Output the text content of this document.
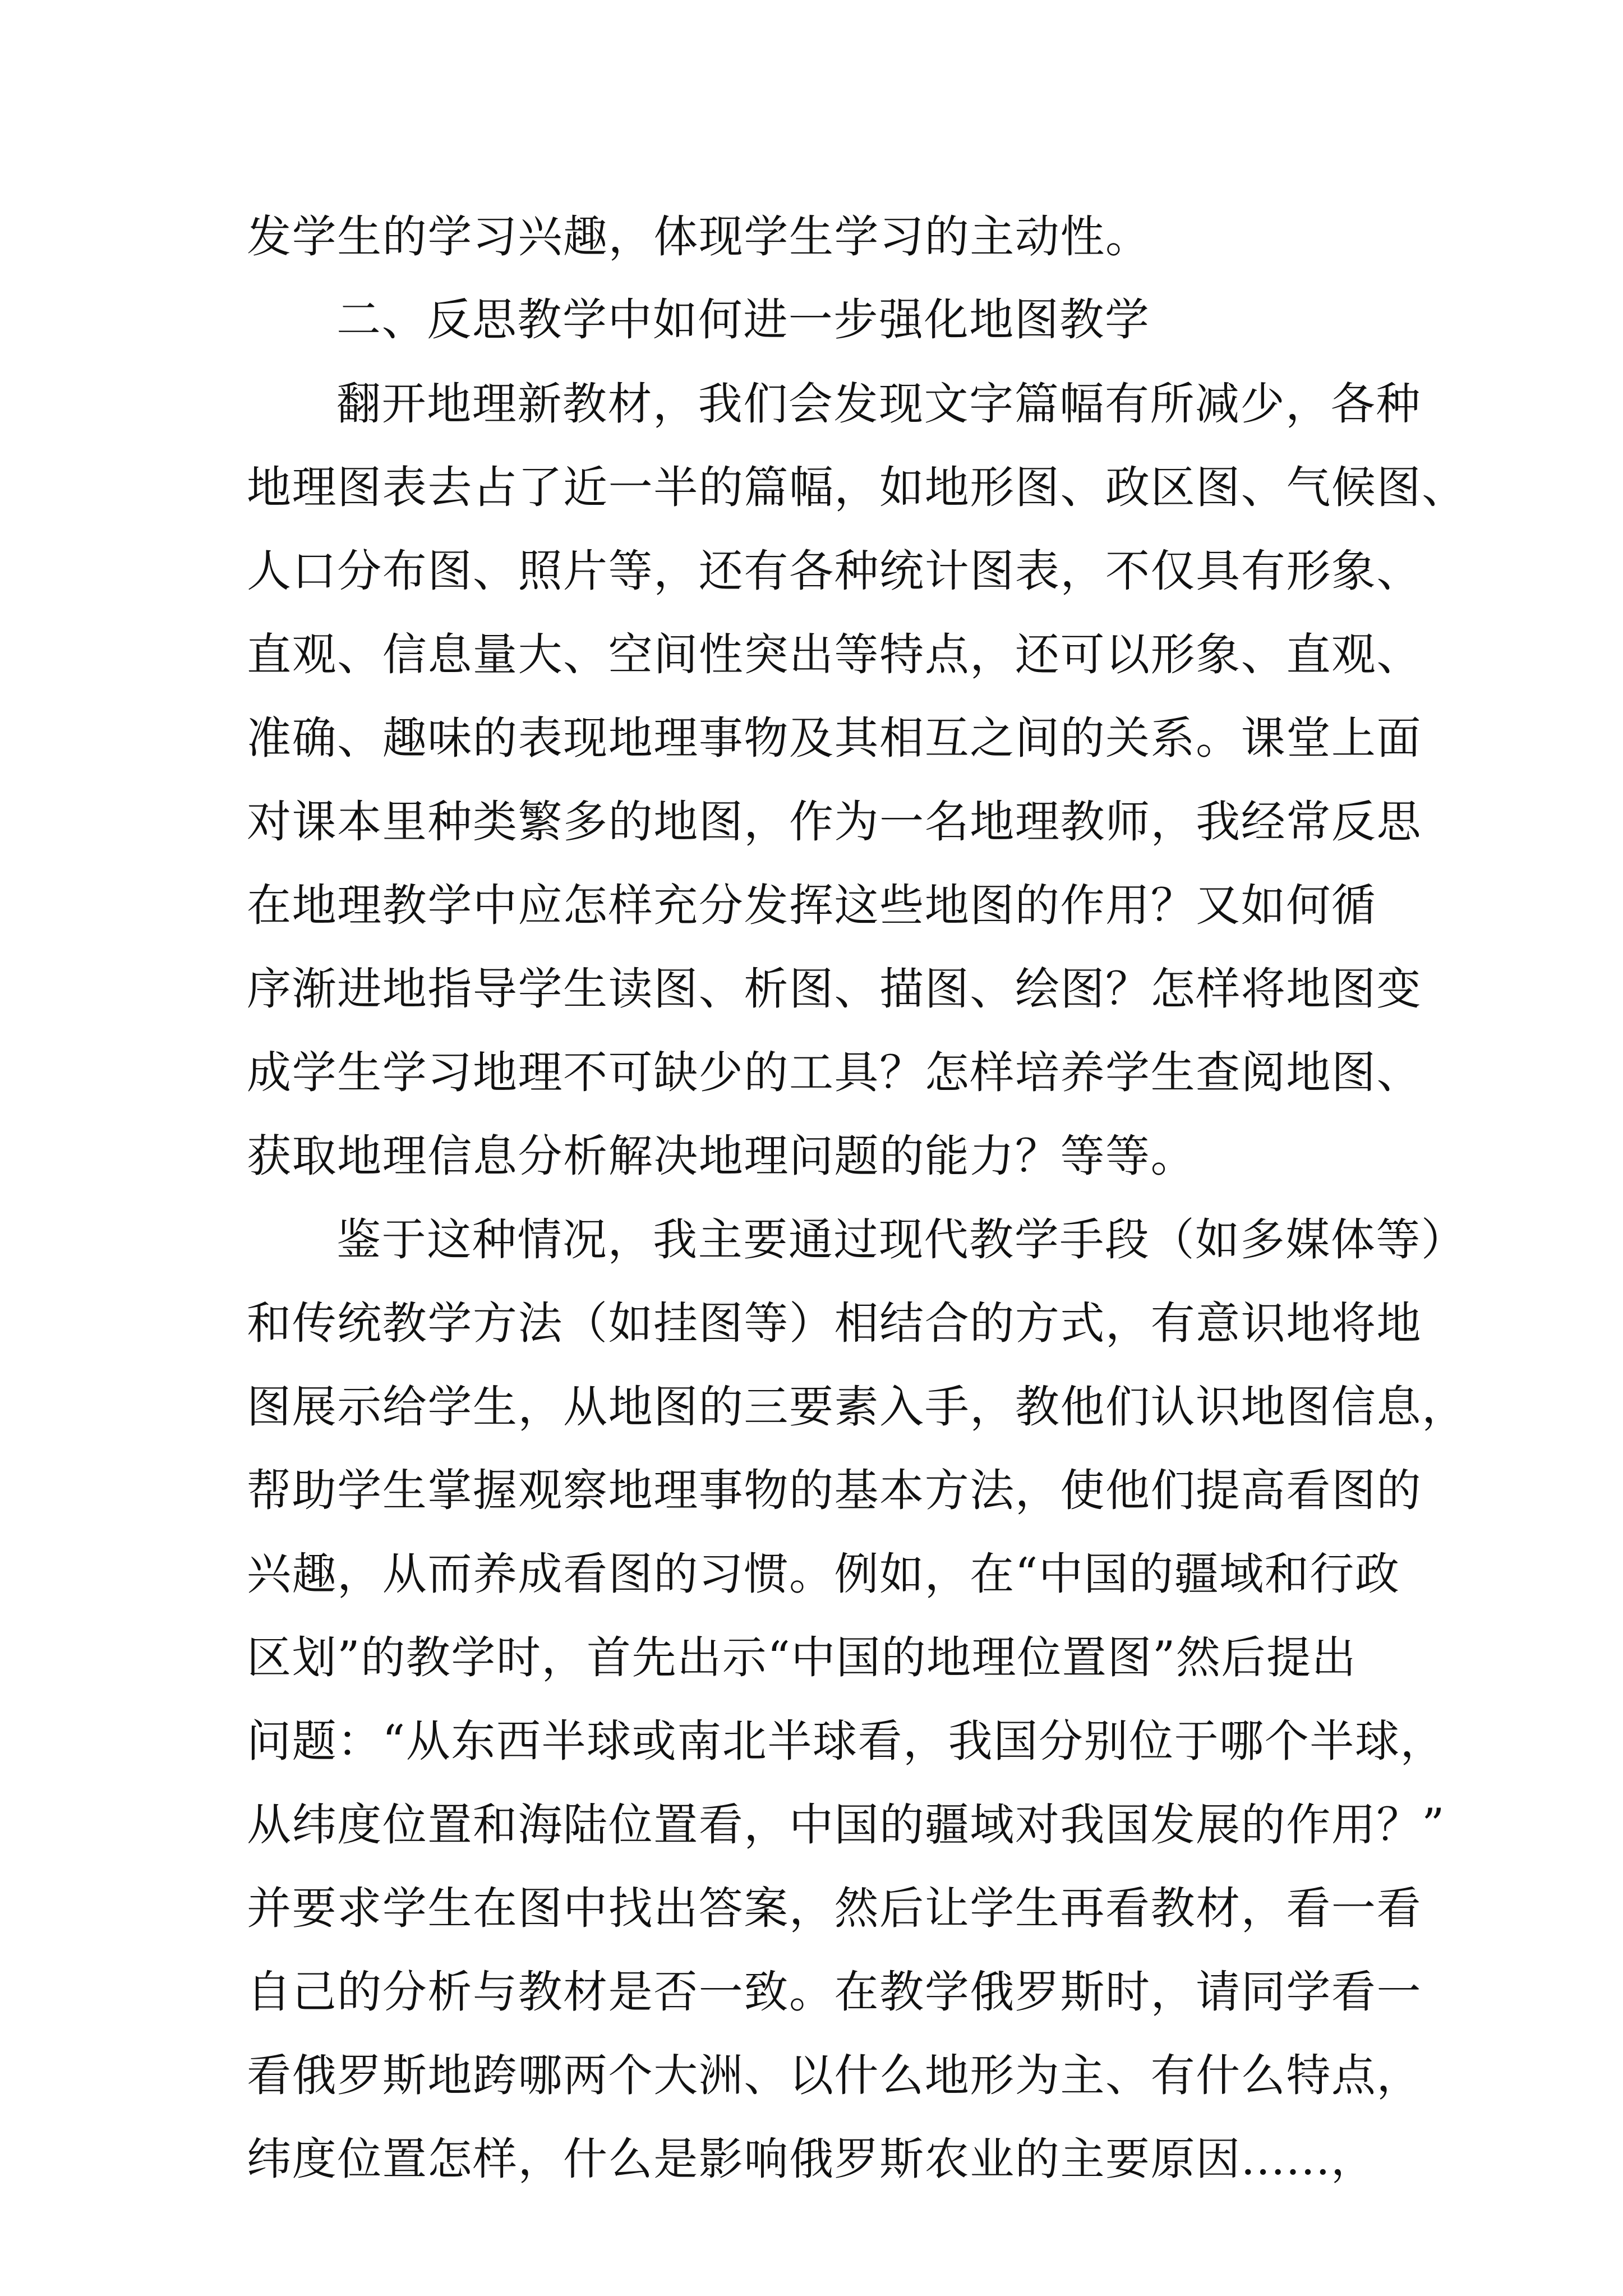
发学生的学习兴趣，体现学生学习的主动性。
二、反思教学中如何进一步强化地图教学
翻开地理新教材，我们会发现文字篇幅有所减少，各种
地理图表去占了近一半的篇幅，如地形图、政区图、气候图、
人口分布图、照片等，还有各种统计图表，不仅具有形象、
直观、信息量大、空间性突出等特点，还可以形象、直观、
准确、趣味的表现地理事物及其相互之间的关系。课堂上面
对课本里种类繁多的地图，作为一名地理教师，我经常反思
在地理教学中应怎样充分发挥这些地图的作用？又如何循
序渐进地指导学生读图、析图、描图、绘图？怎样将地图变
成学生学习地理不可缺少的工具？怎样培养学生查阅地图、
获取地理信息分析解决地理问题的能力？等等。
鉴于这种情况，我主要通过现代教学手段（如多媒体等）
和传统教学方法（如挂图等）相结合的方式，有意识地将地
图展示给学生，从地图的三要素入手，教他们认识地图信息，
帮助学生掌握观察地理事物的基本方法，使他们提高看图的
兴趣，从而养成看图的习惯。例如，在“中国的疆域和行政
区划”的教学时，首先出示“中国的地理位置图”然后提出
问题：“从东西半球或南北半球看，我国分别位于哪个半球，
从纬度位置和海陆位置看，中国的疆域对我国发展的作用？”
并要求学生在图中找出答案，然后让学生再看教材，看一看
自己的分析与教材是否一致。在教学俄罗斯时，请同学看一
看俄罗斯地跨哪两个大洲、以什么地形为主、有什么特点，
纬度位置怎样，什么是影响俄罗斯农业的主要原因......，
